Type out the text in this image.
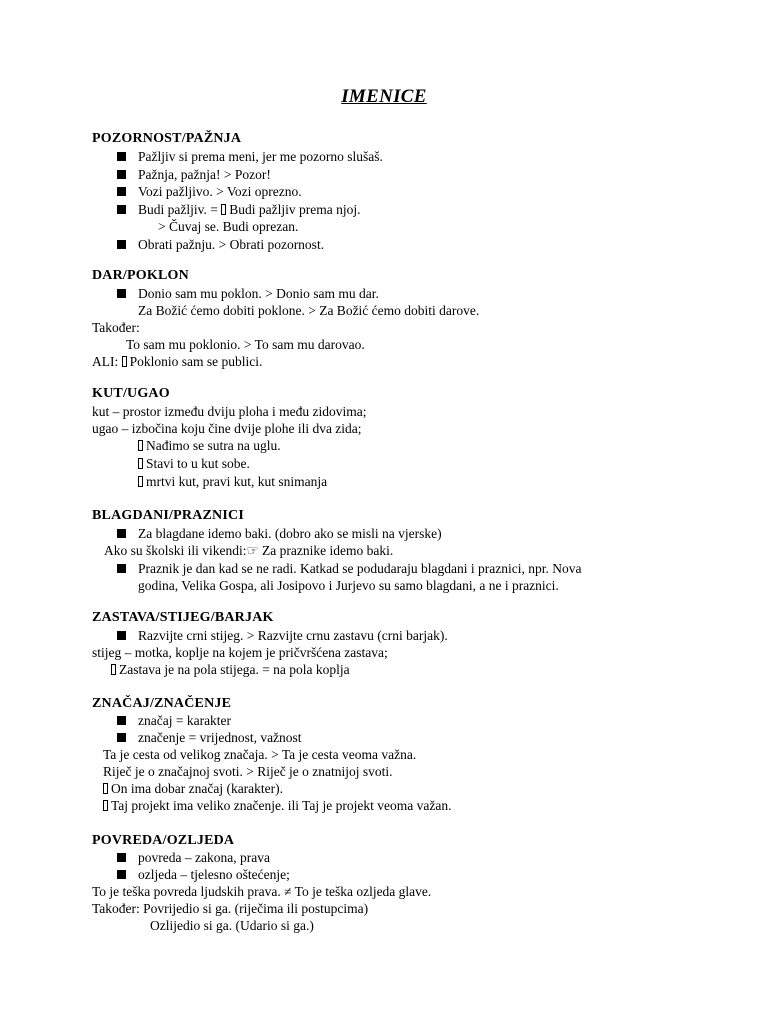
IMENICE
POZORNOST/PAŽNJA
Pažljiv si prema meni, jer me pozorno slušaš.
Pažnja, pažnja! > Pozor!
Vozi pažljivo. > Vozi oprezno.
Budi pažljiv. = Budi pažljiv prema njoj.
> Čuvaj se. Budi oprezan.
Obrati pažnju. > Obrati pozornost.
DAR/POKLON
Donio sam mu poklon. > Donio sam mu dar.
Za Božić ćemo dobiti poklone. > Za Božić ćemo dobiti darove.
Također:
To sam mu poklonio. > To sam mu darovao.
ALI: Poklonio sam se publici.
KUT/UGAO
kut – prostor između dviju ploha i među zidovima;
ugao – izbočina koju čine dvije plohe ili dva zida;
Nađimo se sutra na uglu.
Stavi to u kut sobe.
mrtvi kut, pravi kut, kut snimanja
BLAGDANI/PRAZNICI
Za blagdane idemo baki. (dobro ako se misli na vjerske)
Ako su školski ili vikendi:☞ Za praznike idemo baki.
Praznik je dan kad se ne radi. Katkad se podudaraju blagdani i praznici, npr. Nova
godina, Velika Gospa, ali Josipovo i Jurjevo su samo blagdani, a ne i praznici.
ZASTAVA/STIJEG/BARJAK
Razvijte crni stijeg. > Razvijte crnu zastavu (crni barjak).
stijeg – motka, koplje na kojem je pričvršćena zastava;
Zastava je na pola stijega. = na pola koplja
ZNAČAJ/ZNAČENJE
značaj = karakter
značenje = vrijednost, važnost
Ta je cesta od velikog značaja. > Ta je cesta veoma važna.
Riječ je o značajnoj svoti. > Riječ je o znatnijoj svoti.
On ima dobar značaj (karakter).
Taj projekt ima veliko značenje. ili Taj je projekt veoma važan.
POVREDA/OZLJEDA
povreda – zakona, prava
ozljeda – tjelesno oštećenje;
To je teška povreda ljudskih prava. ≠ To je teška ozljeda glave.
Također: Povrijedio si ga. (riječima ili postupcima)
Ozlijedio si ga. (Udario si ga.)
